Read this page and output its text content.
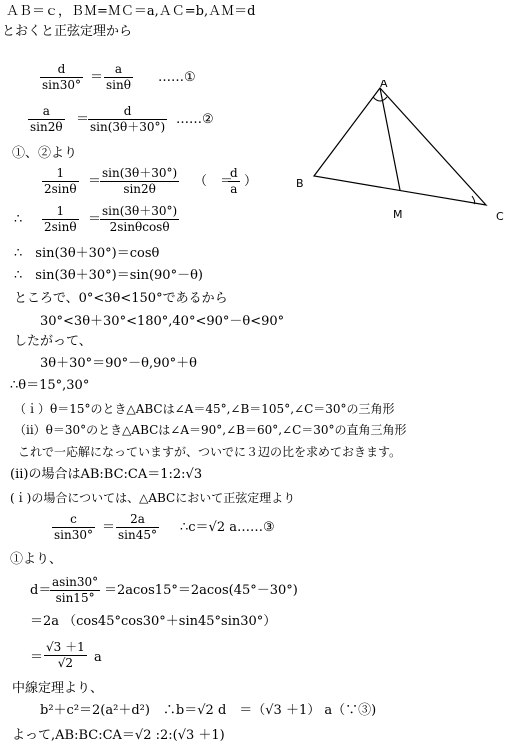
ＡＢ＝ｃ，ＢＭ=ＭＣ＝a,ＡＣ=b,ＡＭ＝d
とおくと正弦定理から
d
sin30° ＝
a
sinθ ……①
a
sin2θ ＝
d
sin(3θ＋30°) ……②
①、②より
1
2sinθ ＝
sin(3θ＋30°)
sin2θ	（　＝
d
a ）
∴
1
2sinθ ＝
sin(3θ＋30°)
2sinθcosθ
∴　sin(3θ＋30°)＝cosθ
∴　sin(3θ＋30°)＝sin(90°－θ)
ところで、0°<3θ<150°であるから
30°<3θ＋30°<180°,40°<90°－θ<90°
したがって、
3θ＋30°＝90°－θ,90°＋θ
∴θ＝15°,30°
（ｉ）θ＝15°のとき△ABCは∠A＝45°,∠B＝105°,∠C＝30°の三角形
（ii）θ＝30°のとき△ABCは∠A＝90°,∠B＝60°,∠C＝30°の直角三角形
これで一応解になっていますが、ついでに３辺の比を求めておきます。
(ii)の場合はAB:BC:CA＝1:2:√3
(ｉ)の場合については、△ABCにおいて正弦定理より
c
sin30° ＝
2a
sin45° ∴c＝√2 a……③
①より、
d＝
asin30°
sin15° ＝2acos15°＝2acos(45°－30°)
＝2a （cos45°cos30°＋sin45°sin30°）
＝
√3 ＋1
√2 a
中線定理より、
b²＋c²＝2(a²＋d²)　∴b＝√2 d　＝（√3 ＋1） a（∵③)
よって,AB:BC:CA＝√2 :2:(√3 ＋1)
A
B
C
M
